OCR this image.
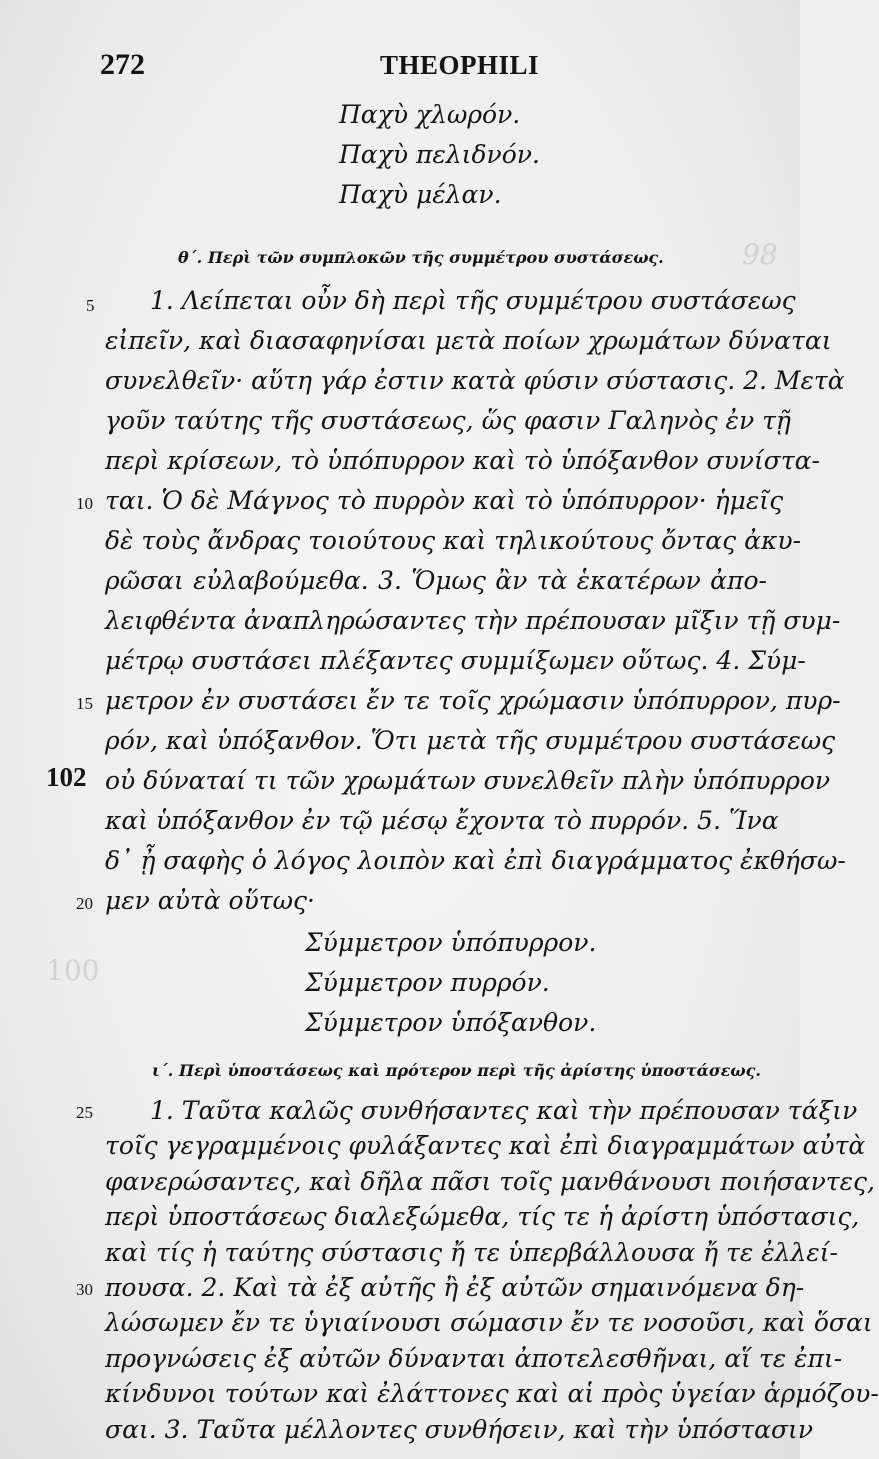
98
100
272	THEOPHILI
Παχὺ χλωρόν.
Παχὺ πελιδνόν.
Παχὺ μέλαν.
θ΄. Περὶ τῶν συμπλοκῶν τῆς συμμέτρου συστάσεως.
5 1. Λείπεται οὖν δὴ περὶ τῆς συμμέτρου συστάσεως
εἰπεῖν, καὶ διασαφηνίσαι μετὰ ποίων χρωμάτων δύναται
συνελθεῖν· αὕτη γάρ ἐστιν κατὰ φύσιν σύστασις. 2. Μετὰ
γοῦν ταύτης τῆς συστάσεως, ὥς φασιν Γαληνὸς ἐν τῇ
περὶ κρίσεων, τὸ ὑπόπυρρον καὶ τὸ ὑπόξανθον συνίστα-
10 ται. Ὁ δὲ Μάγνος τὸ πυρρὸν καὶ τὸ ὑπόπυρρον· ἡμεῖς
δὲ τοὺς ἄνδρας τοιούτους καὶ τηλικούτους ὄντας ἀκυ-
ρῶσαι εὐλαβούμεθα. 3. Ὅμως ἂν τὰ ἑκατέρων ἀπο-
λειφθέντα ἀναπληρώσαντες τὴν πρέπουσαν μῖξιν τῇ συμ-
μέτρῳ συστάσει πλέξαντες συμμίξωμεν οὕτως. 4. Σύμ-
15 μετρον ἐν συστάσει ἔν τε τοῖς χρώμασιν ὑπόπυρρον, πυρ-
ρόν, καὶ ὑπόξανθον. Ὅτι μετὰ τῆς συμμέτρου συστάσεως
102 οὐ δύναταί τι τῶν χρωμάτων συνελθεῖν πλὴν ὑπόπυρρον
καὶ ὑπόξανθον ἐν τῷ μέσῳ ἔχοντα τὸ πυρρόν. 5. Ἵνα
δ᾽ ᾖ σαφὴς ὁ λόγος λοιπὸν καὶ ἐπὶ διαγράμματος ἐκθήσω-
20 μεν αὐτὰ οὕτως·
Σύμμετρον ὑπόπυρρον.
Σύμμετρον πυρρόν.
Σύμμετρον ὑπόξανθον.
ι΄. Περὶ ὑποστάσεως καὶ πρότερον περὶ τῆς ἀρίστης ὑποστάσεως.
25 1. Ταῦτα καλῶς συνθήσαντες καὶ τὴν πρέπουσαν τάξιν
τοῖς γεγραμμένοις φυλάξαντες καὶ ἐπὶ διαγραμμάτων αὐτὰ
φανερώσαντες, καὶ δῆλα πᾶσι τοῖς μανθάνουσι ποιήσαντες,
περὶ ὑποστάσεως διαλεξώμεθα, τίς τε ἡ ἀρίστη ὑπόστασις,
καὶ τίς ἡ ταύτης σύστασις ἤ τε ὑπερβάλλουσα ἤ τε ἐλλεί-
30 πουσα. 2. Καὶ τὰ ἐξ αὐτῆς ἢ ἐξ αὐτῶν σημαινόμενα δη-
λώσωμεν ἔν τε ὑγιαίνουσι σώμασιν ἔν τε νοσοῦσι, καὶ ὅσαι
προγνώσεις ἐξ αὐτῶν δύνανται ἀποτελεσθῆναι, αἵ τε ἐπι-
κίνδυνοι τούτων καὶ ἐλάττονες καὶ αἱ πρὸς ὑγείαν ἁρμόζου-
σαι. 3. Ταῦτα μέλλοντες συνθήσειν, καὶ τὴν ὑπόστασιν
